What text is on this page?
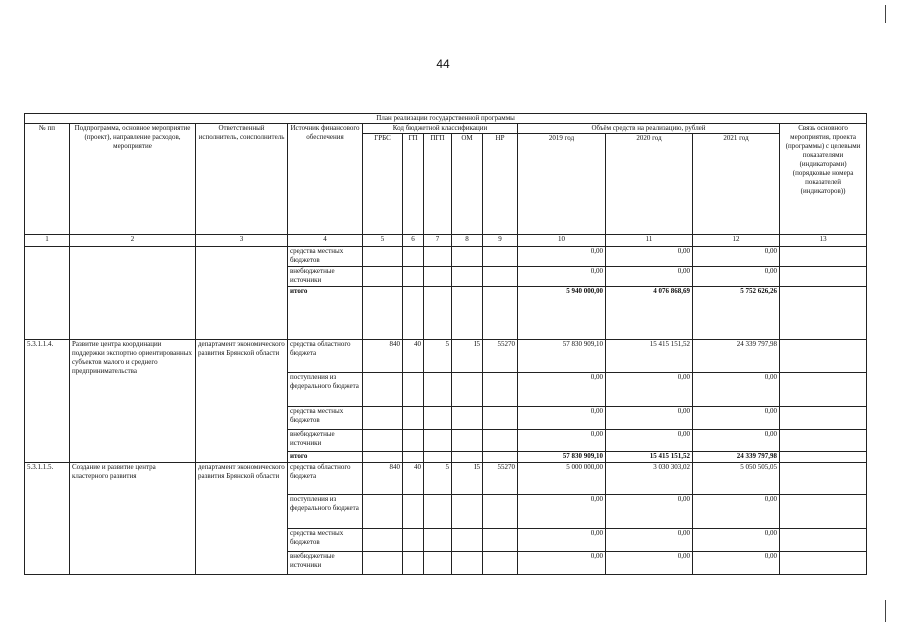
44
План реализации государственной программы												
№ пп	Подпрограмма, основное мероприятие (проект), направление расходов, мероприятие	Ответственный исполнитель, соисполнитель	Источник финансового обеспечения	Код бюджетной классификации					Объём средств на реализацию, рублей			Связь основного мероприятия, проекта (программы) с целевыми показателями (индикаторами) (порядковые номера показателей (индикаторов))
				ГРБС	ГП	ПГП	ОМ	НР	2019 год	2020 год	2021 год	
1	2	3	4	5	6	7	8	9	10	11	12	13
			средства местных бюджетов						0,00	0,00	0,00	
			внебюджетные источники						0,00	0,00	0,00	
			итого						5 940 000,00	4 076 868,69	5 752 626,26	
5.3.1.1.4.	Развитие центра координации поддержки экспортно ориентированных субъектов малого и среднего предпринимательства	департамент экономического развития Брянской области	средства областного бюджета	840	40	5	I5	55270	57 830 909,10	15 415 151,52	24 339 797,98	
			поступления из федерального бюджета						0,00	0,00	0,00	
			средства местных бюджетов						0,00	0,00	0,00	
			внебюджетные источники						0,00	0,00	0,00	
			итого						57 830 909,10	15 415 151,52	24 339 797,98	
5.3.1.1.5.	Создание и развитие центра кластерного развития	департамент экономического развития Брянской области	средства областного бюджета	840	40	5	I5	55270	5 000 000,00	3 030 303,02	5 050 505,05	
			поступления из федерального бюджета						0,00	0,00	0,00	
			средства местных бюджетов						0,00	0,00	0,00	
			внебюджетные источники						0,00	0,00	0,00	
